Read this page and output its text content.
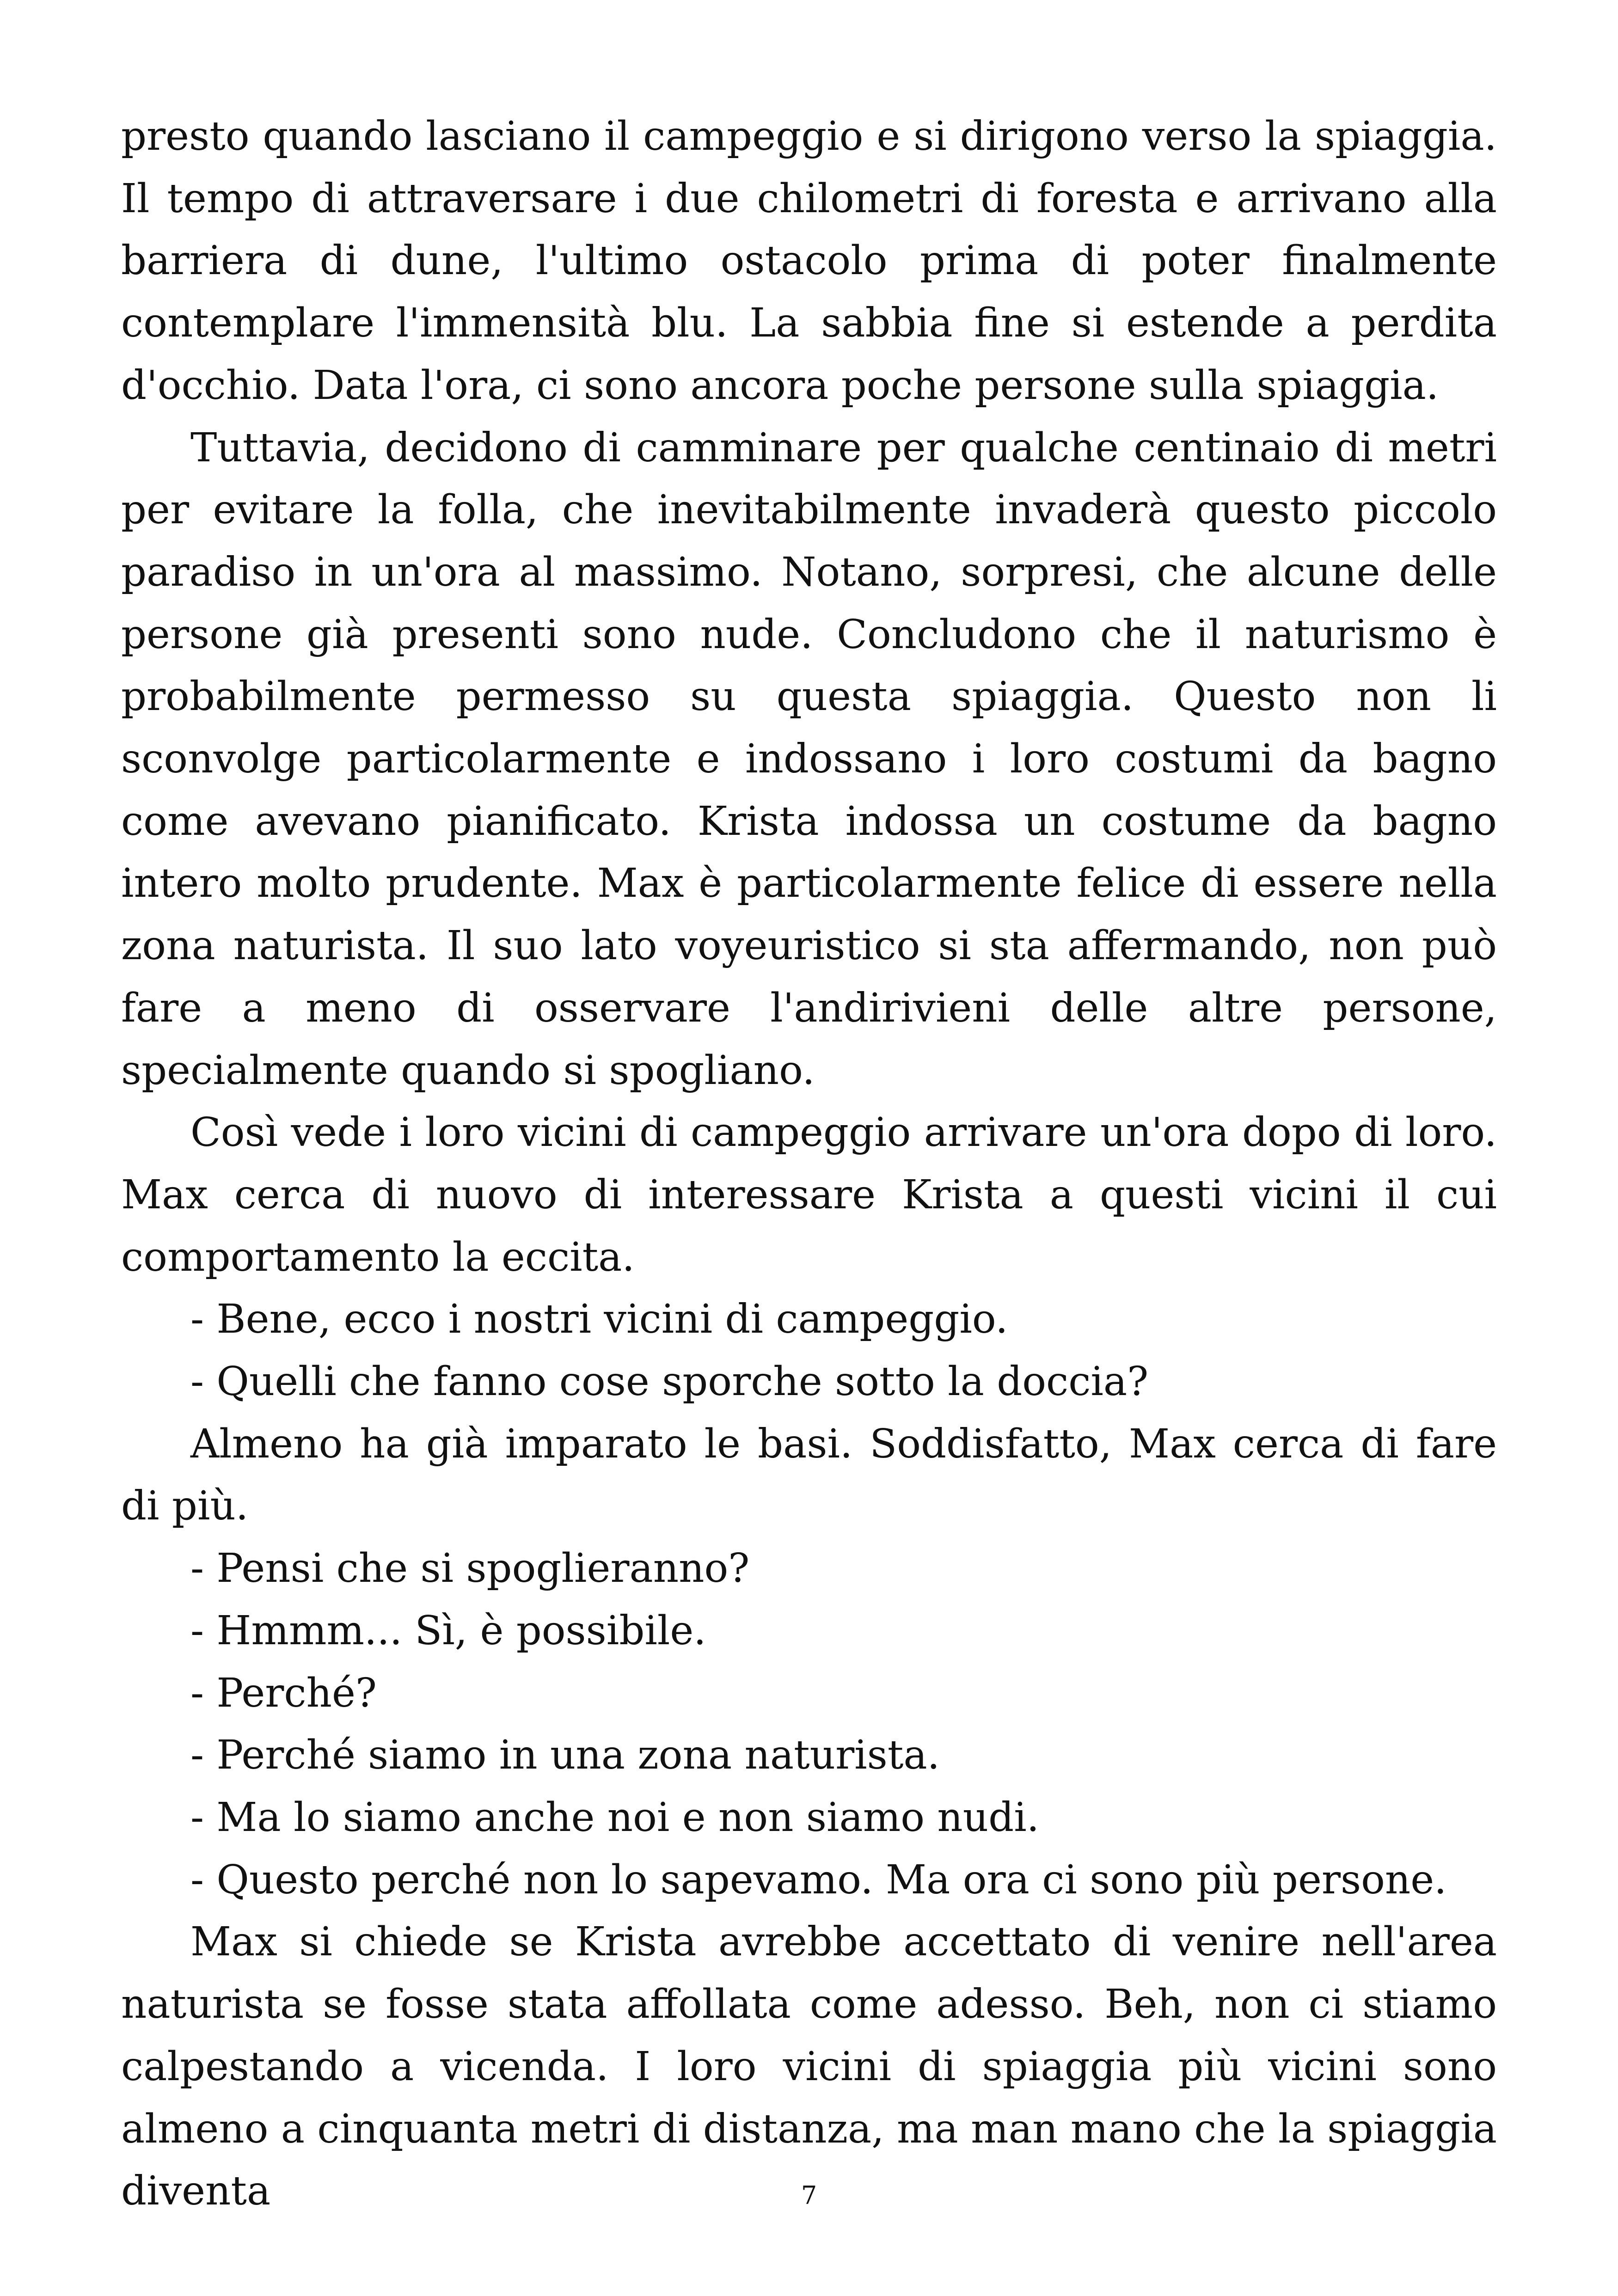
presto quando lasciano il campeggio e si dirigono verso la spiaggia. Il tempo di attraversare i due chilometri di foresta e arrivano alla barriera di dune, l'ultimo ostacolo prima di poter finalmente contemplare l'immensità blu. La sabbia fine si estende a perdita d'occhio. Data l'ora, ci sono ancora poche persone sulla spiaggia.

Tuttavia, decidono di camminare per qualche centinaio di metri per evitare la folla, che inevitabilmente invaderà questo piccolo paradiso in un'ora al massimo. Notano, sorpresi, che alcune delle persone già presenti sono nude. Concludono che il naturismo è probabilmente permesso su questa spiaggia. Questo non li sconvolge particolarmente e indossano i loro costumi da bagno come avevano pianificato. Krista indossa un costume da bagno intero molto prudente. Max è particolarmente felice di essere nella zona naturista. Il suo lato voyeuristico si sta affermando, non può fare a meno di osservare l'andirivieni delle altre persone, specialmente quando si spogliano.

Così vede i loro vicini di campeggio arrivare un'ora dopo di loro. Max cerca di nuovo di interessare Krista a questi vicini il cui comportamento la eccita.

- Bene, ecco i nostri vicini di campeggio.

- Quelli che fanno cose sporche sotto la doccia?

Almeno ha già imparato le basi. Soddisfatto, Max cerca di fare di più.

- Pensi che si spoglieranno?

- Hmmm... Sì, è possibile.

- Perché?

- Perché siamo in una zona naturista.

- Ma lo siamo anche noi e non siamo nudi.

- Questo perché non lo sapevamo. Ma ora ci sono più persone.

Max si chiede se Krista avrebbe accettato di venire nell'area naturista se fosse stata affollata come adesso. Beh, non ci stiamo calpestando a vicenda. I loro vicini di spiaggia più vicini sono almeno a cinquanta metri di distanza, ma man mano che la spiaggia diventa	7
